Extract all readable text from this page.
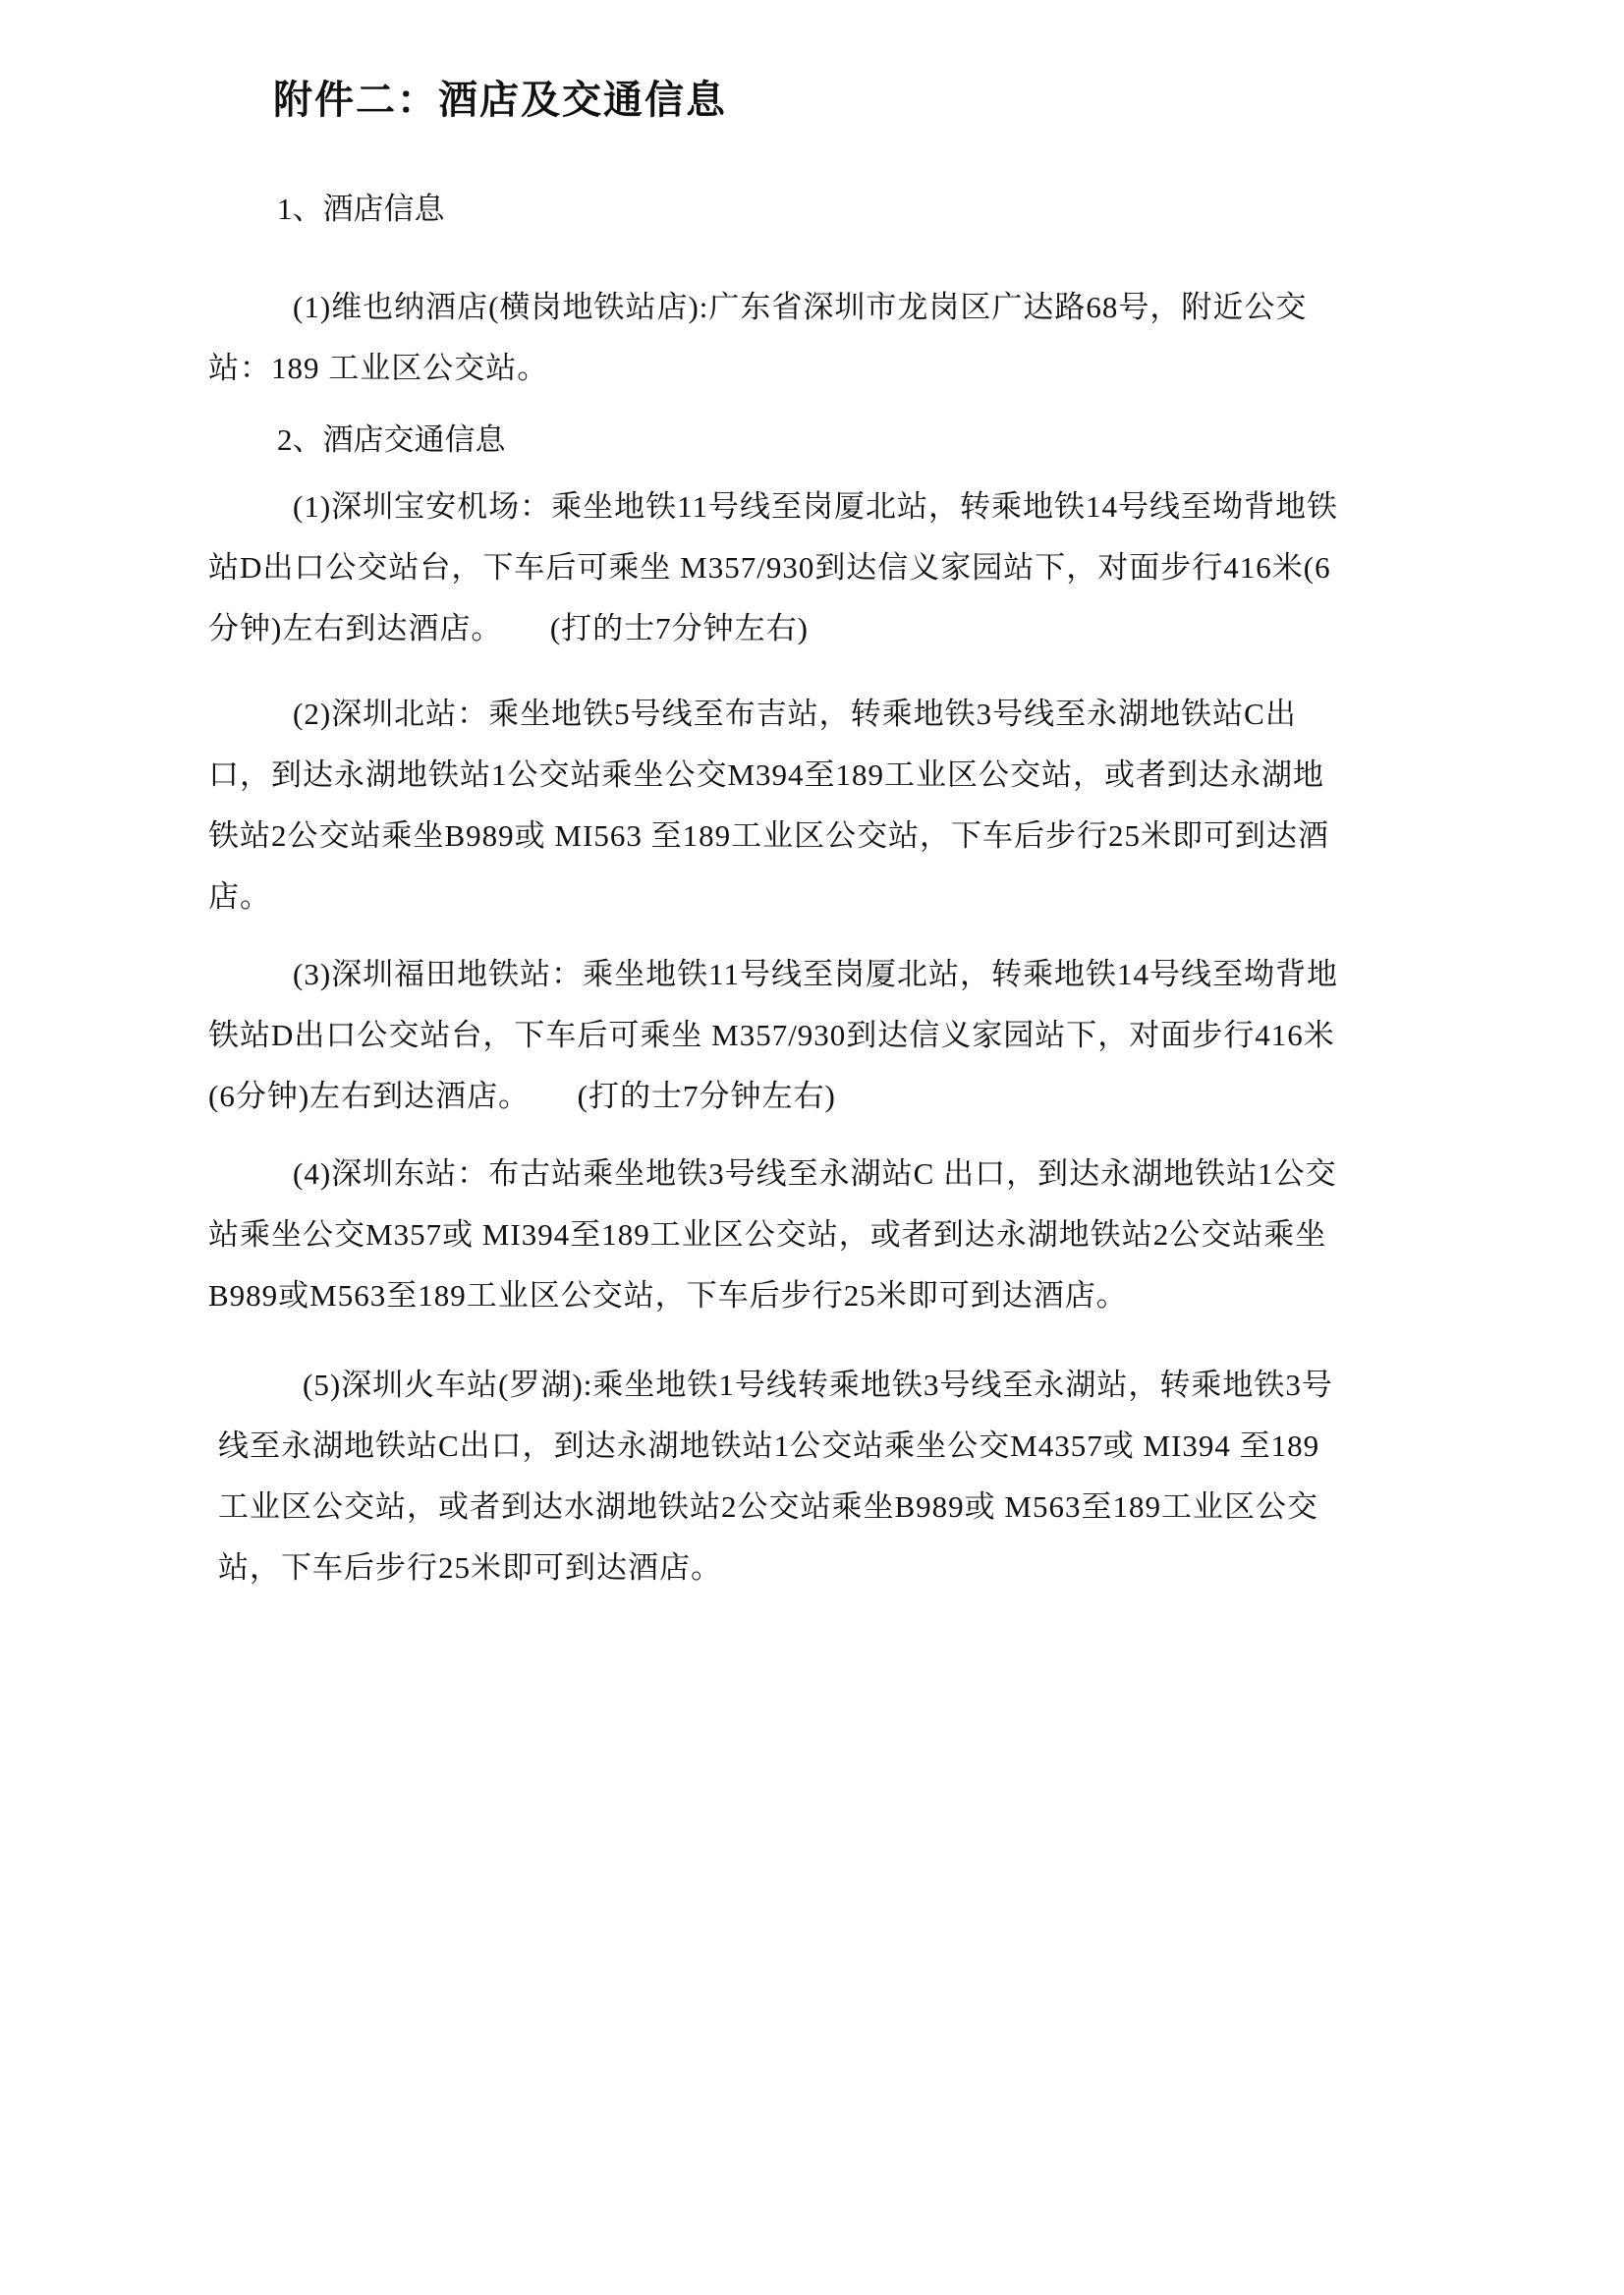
附件二：酒店及交通信息
1、酒店信息
(1)维也纳酒店(横岗地铁站店):广东省深圳市龙岗区广达路68号，附近公交
站：189 工业区公交站。
2、酒店交通信息
(1)深圳宝安机场：乘坐地铁11号线至岗厦北站，转乘地铁14号线至坳背地铁
站D出口公交站台，下车后可乘坐 M357/930到达信义家园站下，对面步行416米(6
分钟)左右到达酒店。　　(打的士7分钟左右)
(2)深圳北站：乘坐地铁5号线至布吉站，转乘地铁3号线至永湖地铁站C出
口，到达永湖地铁站1公交站乘坐公交M394至189工业区公交站，或者到达永湖地
铁站2公交站乘坐B989或 MI563 至189工业区公交站，下车后步行25米即可到达酒
店。
(3)深圳福田地铁站：乘坐地铁11号线至岗厦北站，转乘地铁14号线至坳背地
铁站D出口公交站台，下车后可乘坐 M357/930到达信义家园站下，对面步行416米
(6分钟)左右到达酒店。　　(打的士7分钟左右)
(4)深圳东站：布古站乘坐地铁3号线至永湖站C 出口，到达永湖地铁站1公交
站乘坐公交M357或 MI394至189工业区公交站，或者到达永湖地铁站2公交站乘坐
B989或M563至189工业区公交站，下车后步行25米即可到达酒店。
(5)深圳火车站(罗湖):乘坐地铁1号线转乘地铁3号线至永湖站，转乘地铁3号
线至永湖地铁站C出口，到达永湖地铁站1公交站乘坐公交M4357或 MI394 至189
工业区公交站，或者到达水湖地铁站2公交站乘坐B989或 M563至189工业区公交
站，下车后步行25米即可到达酒店。
